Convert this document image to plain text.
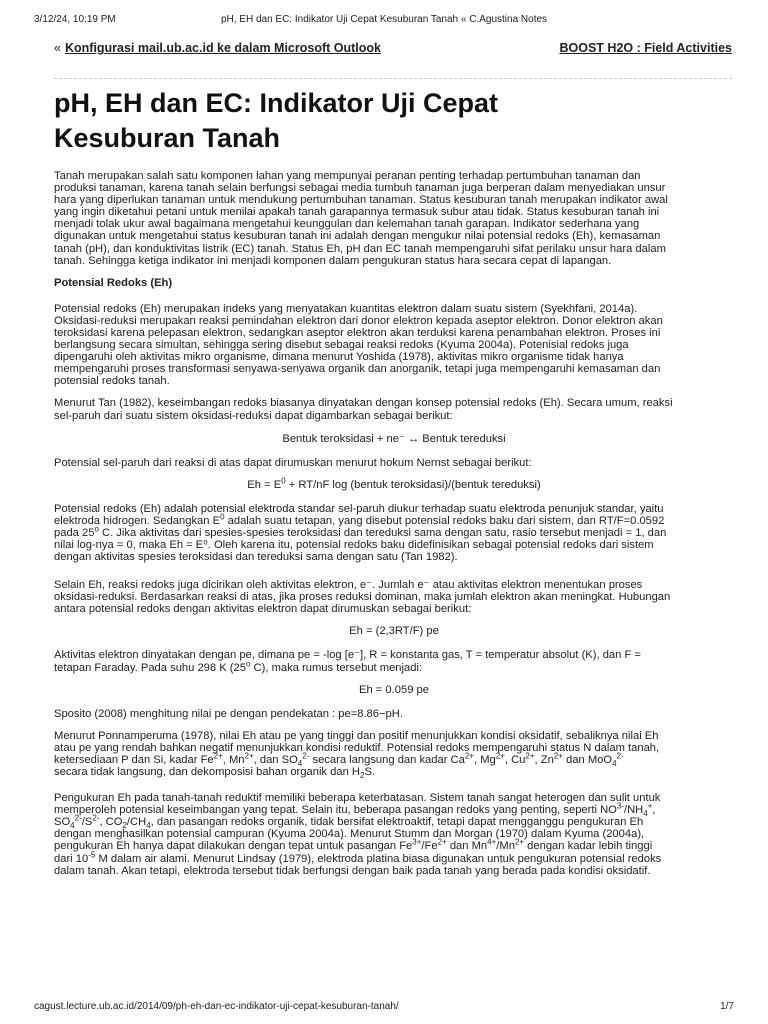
3/12/24, 10:19 PM	pH, EH dan EC: Indikator Uji Cepat Kesuburan Tanah « C.Agustina Notes
« Konfigurasi mail.ub.ac.id ke dalam Microsoft Outlook	BOOST H2O : Field Activities
pH, EH dan EC: Indikator Uji Cepat
Kesuburan Tanah

Tanah merupakan salah satu komponen lahan yang mempunyai peranan penting terhadap pertumbuhan tanaman dan
produksi tanaman, karena tanah selain berfungsi sebagai media tumbuh tanaman juga berperan dalam menyediakan unsur
hara yang diperlukan tanaman untuk mendukung pertumbuhan tanaman. Status kesuburan tanah merupakan indikator awal
yang ingin diketahui petani untuk menilai apakah tanah garapannya termasuk subur atau tidak. Status kesuburan tanah ini
menjadi tolak ukur awal bagaimana mengetahui keunggulan dan kelemahan tanah garapan. Indikator sederhana yang
digunakan untuk mengetahui status kesuburan tanah ini adalah dengan mengukur nilai potensial redoks (Eh), kemasaman
tanah (pH), dan konduktivitas listrik (EC) tanah. Status Eh, pH dan EC tanah mempengaruhi sifat perilaku unsur hara dalam
tanah. Sehingga ketiga indikator ini menjadi komponen dalam pengukuran status hara secara cepat di lapangan.

Potensial Redoks (Eh)

Potensial redoks (Eh) merupakan indeks yang menyatakan kuantitas elektron dalam suatu sistem (Syekhfani, 2014a).
Oksidasi-reduksi merupakan reaksi pemindahan elektron dari donor elektron kepada aseptor elektron. Donor elektron akan
teroksidasi karena pelepasan elektron, sedangkan aseptor elektron akan terduksi karena penambahan elektron. Proses ini
berlangsung secara simultan, sehingga sering disebut sebagai reaksi redoks (Kyuma 2004a). Potenisial redoks juga
dipengaruhi oleh aktivitas mikro organisme, dimana menurut Yoshida (1978), aktivitas mikro organisme tidak hanya
mempengaruhi proses transformasi senyawa-senyawa organik dan anorganik, tetapi juga mempengaruhi kemasaman dan
potensial redoks tanah.

Menurut Tan (1982), keseimbangan redoks biasanya dinyatakan dengan konsep potensial redoks (Eh). Secara umum, reaksi
sel-paruh dari suatu sistem oksidasi-reduksi dapat digambarkan sebagai berikut:

Bentuk teroksidasi + ne⁻ ↔ Bentuk tereduksi

Potensial sel-paruh dari reaksi di atas dapat dirumuskan menurut hokum Nernst sebagai berikut:

$Eh = E^0 + RT/nF$ log (bentuk teroksidasi)/(bentuk tereduksi)

Potensial redoks (Eh) adalah potensial elektroda standar sel-paruh diukur terhadap suatu elektroda penunjuk standar, yaitu
elektroda hidrogen. Sedangkan $E^0$ adalah suatu tetapan, yang disebut potensial redoks baku dari sistem, dan RT/F=0.0592
pada 25$^o$ C. Jika aktivitas dari spesies-spesies teroksidasi dan tereduksi sama dengan satu, rasio tersebut menjadi = 1, dan
nilai log-nya = 0, maka Eh = E⁰. Oleh karena itu, potensial redoks baku didefinisikan sebagai potensial redoks dari sistem
dengan aktivitas spesies teroksidasi dan tereduksi sama dengan satu (Tan 1982).

Selain Eh, reaksi redoks juga dicirikan oleh aktivitas elektron, e⁻. Jumlah e⁻ atau aktivitas elektron menentukan proses
oksidasi-reduksi. Berdasarkan reaksi di atas, jika proses reduksi dominan, maka jumlah elektron akan meningkat. Hubungan
antara potensial redoks dengan aktivitas elektron dapat dirumuskan sebagai berikut:

Eh = (2,3RT/F) pe

Aktivitas elektron dinyatakan dengan pe, dimana pe = -log [e⁻], R = konstanta gas, T = temperatur absolut (K), dan F =
tetapan Faraday. Pada suhu 298 K (25$^o$ C), maka rumus tersebut menjadi:

Eh = 0.059 pe

Sposito (2008) menghitung nilai pe dengan pendekatan : pe=8.86−pH.

Menurut Ponnamperuma (1978), nilai Eh atau pe yang tinggi dan positif menunjukkan kondisi oksidatif, sebaliknya nilai Eh
atau pe yang rendah bahkan negatif menunjukkan kondisi reduktif. Potensial redoks mempengaruhi status N dalam tanah,
ketersediaan P dan Si, kadar $Fe^{2+}$, $Mn^{2+}$, dan $SO_4^{2-}$ secara langsung dan kadar $Ca^{2+}$, $Mg^{2+}$, $Cu^{2+}$, $Zn^{2+}$ dan MoO$_4^{2-}$
secara tidak langsung, dan dekomposisi bahan organik dan $H_2S$.

Pengukuran Eh pada tanah-tanah reduktif memiliki beberapa keterbatasan. Sistem tanah sangat heterogen dan sulit untuk
memperoleh potensial keseimbangan yang tepat. Selain itu, beberapa pasangan redoks yang penting, seperti $NO^{3-}/NH_4^+$,
$SO_4^{2-}/S^{2-}$, $CO_2/CH_4$, dan pasangan redoks organik, tidak bersifat elektroaktif, tetapi dapat mengganggu pengukuran Eh
dengan menghasilkan potensial campuran (Kyuma 2004a). Menurut Stumm dan Morgan (1970) dalam Kyuma (2004a),
pengukuran Eh hanya dapat dilakukan dengan tepat untuk pasangan $Fe^{3+}/Fe^{2+}$ dan $Mn^{4+}/Mn^{2+}$ dengan kadar lebih tinggi
dari $10^{-5}$ M dalam air alami. Menurut Lindsay (1979), elektroda platina biasa digunakan untuk pengukuran potensial redoks
dalam tanah. Akan tetapi, elektroda tersebut tidak berfungsi dengan baik pada tanah yang berada pada kondisi oksidatif.

cagust.lecture.ub.ac.id/2014/09/ph-eh-dan-ec-indikator-uji-cepat-kesuburan-tanah/	1/7
